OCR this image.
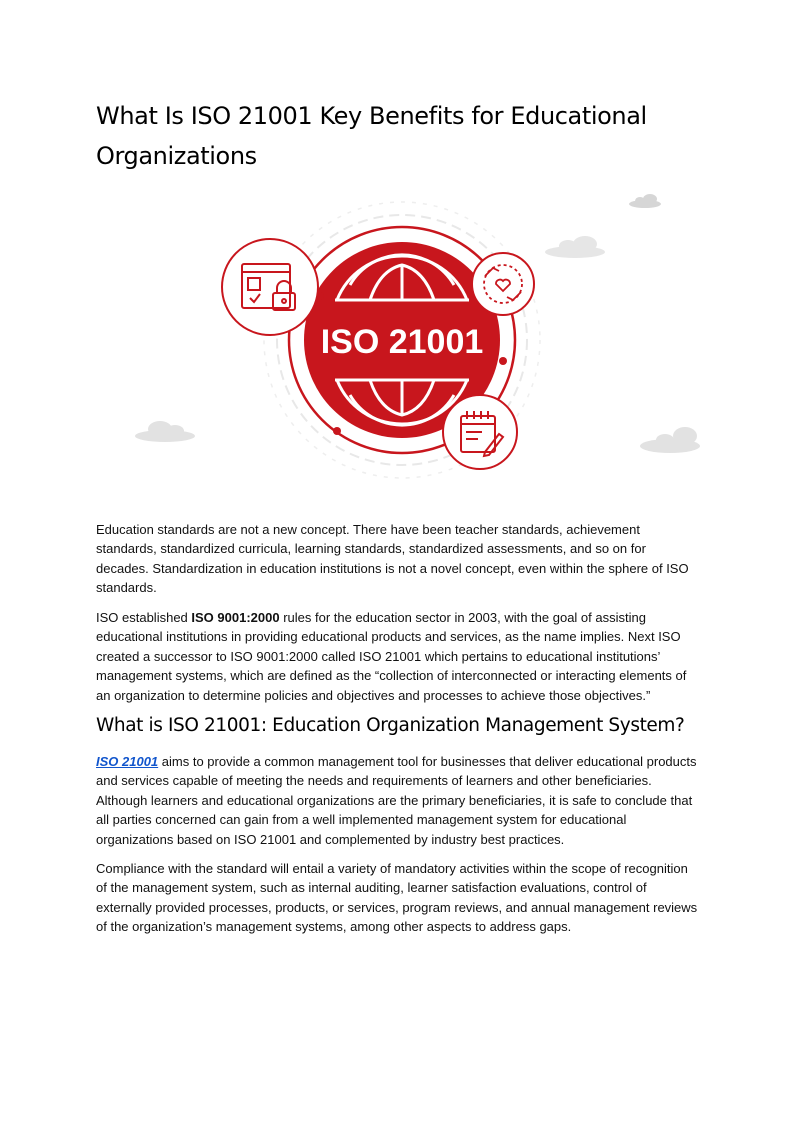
What Is ISO 21001 Key Benefits for Educational Organizations
ISO 21001

Education standards are not a new concept. There have been teacher standards, achievement standards, standardized curricula, learning standards, standardized assessments, and so on for decades. Standardization in education institutions is not a novel concept, even within the sphere of ISO standards.

ISO established ISO 9001:2000 rules for the education sector in 2003, with the goal of assisting educational institutions in providing educational products and services, as the name implies. Next ISO created a successor to ISO 9001:2000 called ISO 21001 which pertains to educational institutions’ management systems, which are defined as the “collection of interconnected or interacting elements of an organization to determine policies and objectives and processes to achieve those objectives.”

What is ISO 21001: Education Organization Management System?

ISO 21001 aims to provide a common management tool for businesses that deliver educational products and services capable of meeting the needs and requirements of learners and other beneficiaries. Although learners and educational organizations are the primary beneficiaries, it is safe to conclude that all parties concerned can gain from a well implemented management system for educational organizations based on ISO 21001 and complemented by industry best practices.

Compliance with the standard will entail a variety of mandatory activities within the scope of recognition of the management system, such as internal auditing, learner satisfaction evaluations, control of externally provided processes, products, or services, program reviews, and annual management reviews of the organization’s management systems, among other aspects to address gaps.
